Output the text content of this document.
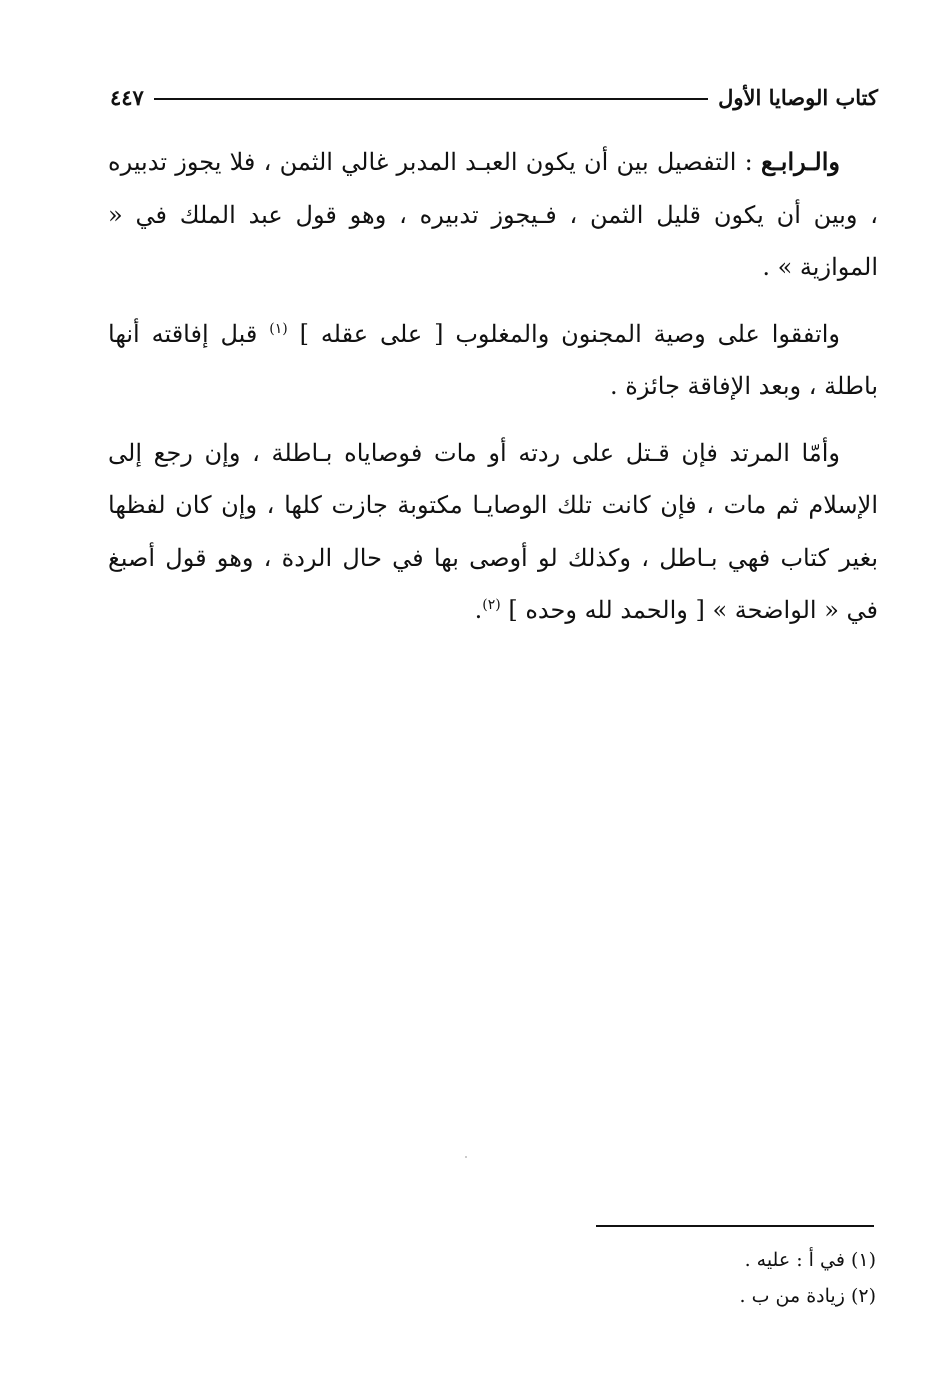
كتاب الوصايا الأول
٤٤٧

والـرابـع : التفصيل بين أن يكون العبـد المدبر غالي الثمن ، فلا يجوز تدبيره ، وبين أن يكون قليل الثمن ، فـيجوز تدبيره ، وهو قول عبد الملك في « الموازية » .

واتفقوا على وصية المجنون والمغلوب [ على عقله ] $^{(١)}$ قبل إفاقته أنها باطلة ، وبعد الإفاقة جائزة .

وأمّا المرتد فإن قـتل على ردته أو مات فوصاياه بـاطلة ، وإن رجع إلى الإسلام ثم مات ، فإن كانت تلك الوصايـا مكتوبة جازت كلها ، وإن كان لفظها بغير كتاب فهي بـاطل ، وكذلك لو أوصى بها في حال الردة ، وهو قول أصبغ في « الواضحة » [ والحمد لله وحده ] $^{(٢)}$.

(١) في أ : عليه .

(٢) زيادة من ب .
